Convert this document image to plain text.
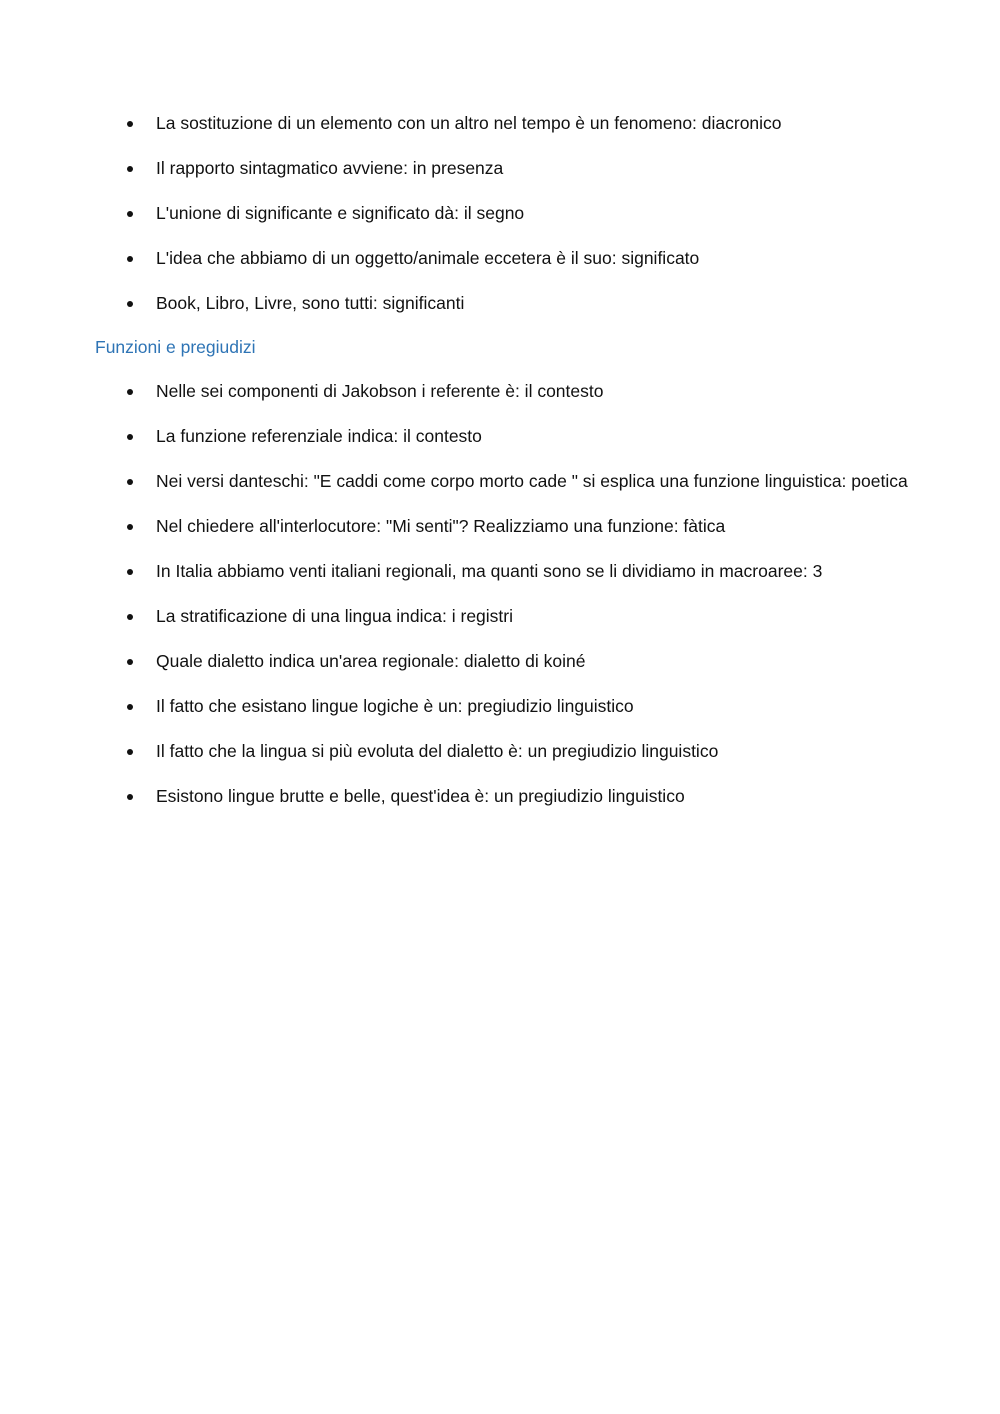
La sostituzione di un elemento con un altro nel tempo è un fenomeno: diacronico
Il rapporto sintagmatico avviene: in presenza
L'unione di significante e significato dà: il segno
L'idea che abbiamo di un oggetto/animale eccetera è il suo: significato
Book, Libro, Livre, sono tutti: significanti
Funzioni e pregiudizi
Nelle sei componenti di Jakobson i referente è: il contesto
La funzione referenziale indica: il contesto
Nei versi danteschi: "E caddi come corpo morto cade " si esplica una funzione linguistica: poetica
Nel chiedere all'interlocutore: "Mi senti"? Realizziamo una funzione: fàtica
In Italia abbiamo venti italiani regionali, ma quanti sono se li dividiamo in macroaree: 3
La stratificazione di una lingua indica: i registri
Quale dialetto indica un'area regionale: dialetto di koiné
Il fatto che esistano lingue logiche è un: pregiudizio linguistico
Il fatto che la lingua si più evoluta del dialetto è: un pregiudizio linguistico
Esistono lingue brutte e belle, quest'idea è: un pregiudizio linguistico
